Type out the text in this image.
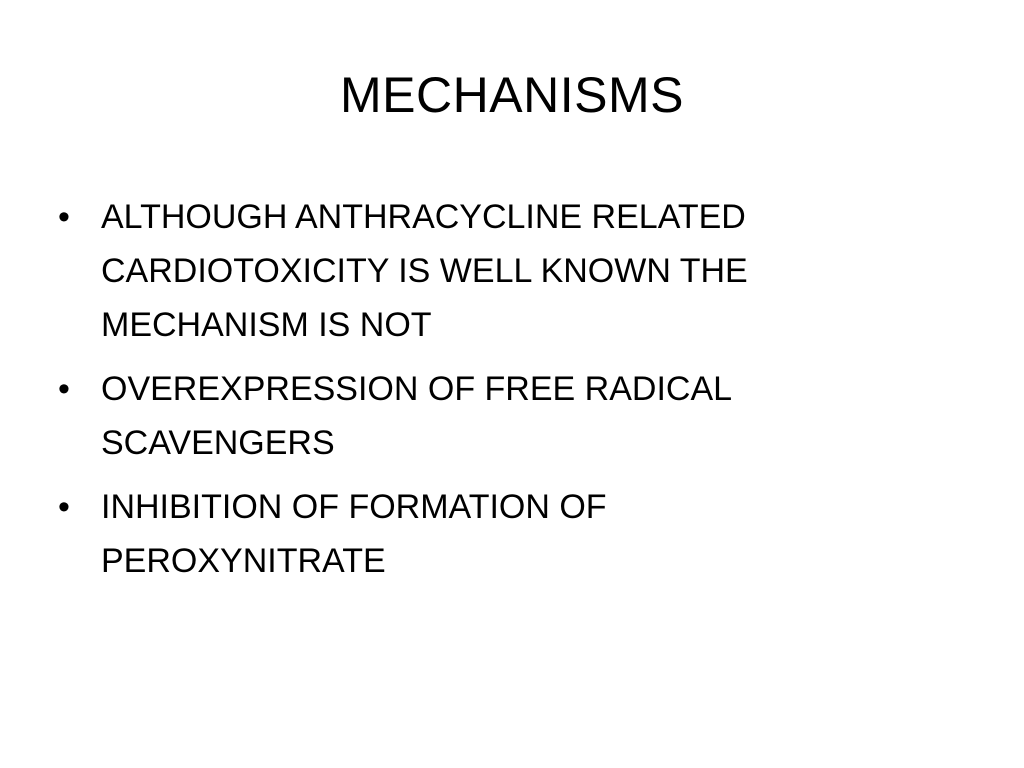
MECHANISMS
• ALTHOUGH ANTHRACYCLINE RELATED CARDIOTOXICITY IS WELL KNOWN THE MECHANISM IS NOT
• OVEREXPRESSION OF FREE RADICAL SCAVENGERS
• INHIBITION OF FORMATION OF PEROXYNITRATE
